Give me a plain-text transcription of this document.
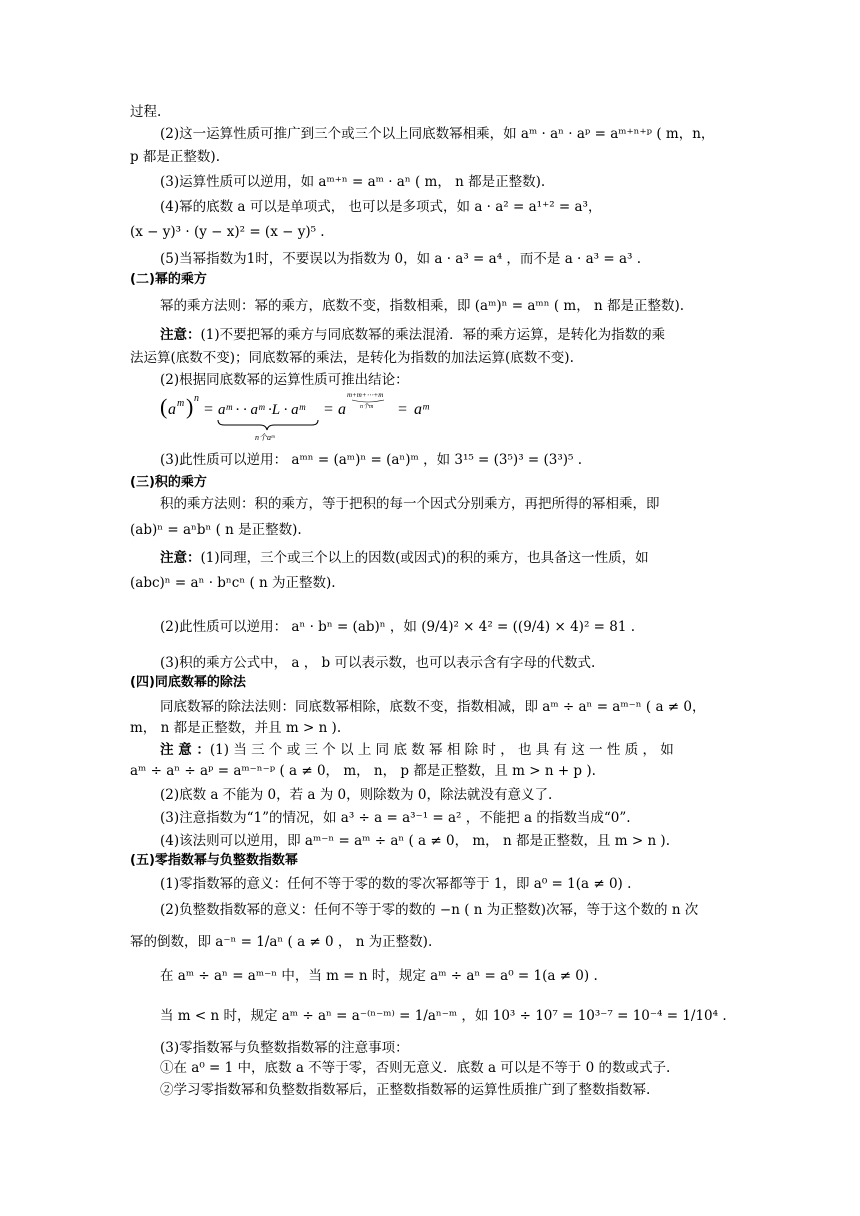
过程.
(2)这一运算性质可推广到三个或三个以上同底数幂相乘，如 aᵐ · aⁿ · aᵖ = aᵐ⁺ⁿ⁺ᵖ ( m，n，
p 都是正整数).
(3)运算性质可以逆用，如 aᵐ⁺ⁿ = aᵐ · aⁿ ( m， n 都是正整数).
(4)幂的底数 a 可以是单项式， 也可以是多项式，如 a · a² = a¹⁺² = a³，
(x − y)³ · (y − x)² = (x − y)⁵ .
(5)当幂指数为1时，不要误以为指数为 0，如 a · a³ = a⁴ ，而不是 a · a³ = a³ .
(二)幂的乘方
幂的乘方法则：幂的乘方，底数不变，指数相乘，即 (aᵐ)ⁿ = aᵐⁿ ( m， n 都是正整数).
注意：(1)不要把幂的乘方与同底数幂的乘法混淆．幂的乘方运算，是转化为指数的乘
法运算(底数不变)；同底数幂的乘法，是转化为指数的加法运算(底数不变).
(2)根据同底数幂的运算性质可推出结论：
( a m ) n
= aᵐ · · aᵐ ·L · aᵐ
n个aᵐ
= a
m+m+⋯+m
n个m = aᵐ
(3)此性质可以逆用： aᵐⁿ = (aᵐ)ⁿ = (aⁿ)ᵐ ，如 3¹⁵ = (3⁵)³ = (3³)⁵ .
(三)积的乘方
积的乘方法则：积的乘方，等于把积的每一个因式分别乘方，再把所得的幂相乘，即
(ab)ⁿ = aⁿbⁿ ( n 是正整数).
注意：(1)同理，三个或三个以上的因数(或因式)的积的乘方，也具备这一性质，如
(abc)ⁿ = aⁿ · bⁿcⁿ ( n 为正整数).
(2)此性质可以逆用： aⁿ · bⁿ = (ab)ⁿ ，如 (9/4)² × 4² = ((9/4) × 4)² = 81 .
(3)积的乘方公式中， a ， b 可以表示数，也可以表示含有字母的代数式.
(四)同底数幂的除法
同底数幂的除法法则：同底数幂相除，底数不变，指数相减，即 aᵐ ÷ aⁿ = aᵐ⁻ⁿ ( a ≠ 0，
m， n 都是正整数，并且 m > n ).
注 意 ：(1) 当 三 个 或 三 个 以 上 同 底 数 幂 相 除 时 ， 也 具 有 这 一 性 质 ， 如
aᵐ ÷ aⁿ ÷ aᵖ = aᵐ⁻ⁿ⁻ᵖ ( a ≠ 0， m， n， p 都是正整数，且 m > n + p ).
(2)底数 a 不能为 0，若 a 为 0，则除数为 0，除法就没有意义了.
(3)注意指数为“1”的情况，如 a³ ÷ a = a³⁻¹ = a² ，不能把 a 的指数当成“0”.
(4)该法则可以逆用，即 aᵐ⁻ⁿ = aᵐ ÷ aⁿ ( a ≠ 0， m， n 都是正整数，且 m > n ).
(五)零指数幂与负整数指数幂
(1)零指数幂的意义：任何不等于零的数的零次幂都等于 1，即 a⁰ = 1(a ≠ 0) .
(2)负整数指数幂的意义：任何不等于零的数的 −n ( n 为正整数)次幂，等于这个数的 n 次
幂的倒数，即 a⁻ⁿ = 1/aⁿ ( a ≠ 0 ， n 为正整数).
在 aᵐ ÷ aⁿ = aᵐ⁻ⁿ 中，当 m = n 时，规定 aᵐ ÷ aⁿ = a⁰ = 1(a ≠ 0) .
当 m < n 时，规定 aᵐ ÷ aⁿ = a⁻⁽ⁿ⁻ᵐ⁾ = 1/aⁿ⁻ᵐ ，如 10³ ÷ 10⁷ = 10³⁻⁷ = 10⁻⁴ = 1/10⁴ .
(3)零指数幂与负整数指数幂的注意事项：
①在 a⁰ = 1 中，底数 a 不等于零，否则无意义．底数 a 可以是不等于 0 的数或式子.
②学习零指数幂和负整数指数幂后，正整数指数幂的运算性质推广到了整数指数幂.
